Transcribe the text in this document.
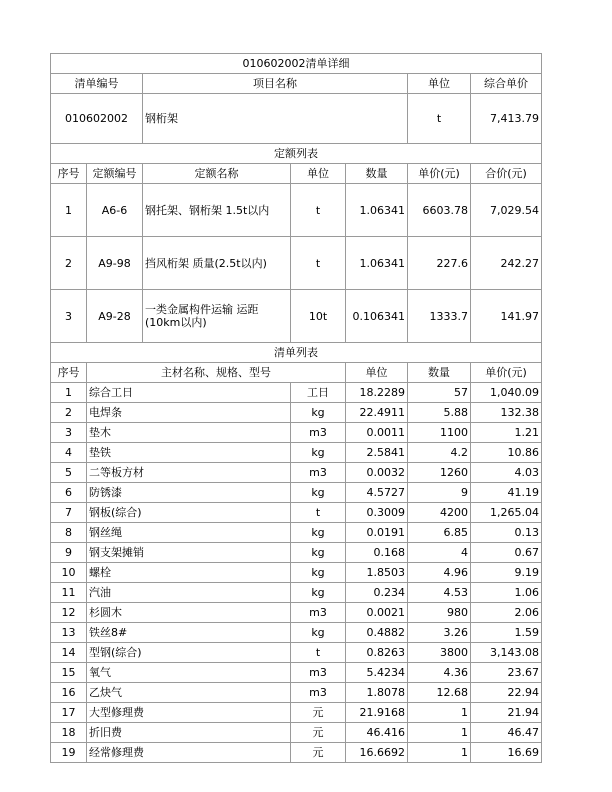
010602002清单详细							
清单编号		项目名称			单位	综合单价	
010602002		钢桁架			t	7,413.79	
定额列表							
序号	定额编号	定额名称	单位	数量	单价(元)	合价(元)	
1	A6-6	钢托架、钢桁架 1.5t以内	t	1.06341	6603.78	7,029.54	
2	A9-98	挡风桁架 质量(2.5t以内)	t	1.06341	227.6	242.27	
3	A9-28	一类金属构件运输 运距(10km以内)	10t	0.106341	1333.7	141.97	
清单列表							
序号	主材名称、规格、型号			单位	数量	单价(元)	
1	综合工日		工日	18.2289	57	1,040.09	
2	电焊条		kg	22.4911	5.88	132.38	
3	垫木		m3	0.0011	1100	1.21	
4	垫铁		kg	2.5841	4.2	10.86	
5	二等板方材		m3	0.0032	1260	4.03	
6	防锈漆		kg	4.5727	9	41.19	
7	钢板(综合)		t	0.3009	4200	1,265.04	
8	钢丝绳		kg	0.0191	6.85	0.13	
9	钢支架摊销		kg	0.168	4	0.67	
10	螺栓		kg	1.8503	4.96	9.19	
11	汽油		kg	0.234	4.53	1.06	
12	杉圆木		m3	0.0021	980	2.06	
13	铁丝8#		kg	0.4882	3.26	1.59	
14	型钢(综合)		t	0.8263	3800	3,143.08	
15	氧气		m3	5.4234	4.36	23.67	
16	乙炔气		m3	1.8078	12.68	22.94	
17	大型修理费		元	21.9168	1	21.94	
18	折旧费		元	46.416	1	46.47	
19	经常修理费		元	16.6692	1	16.69	
